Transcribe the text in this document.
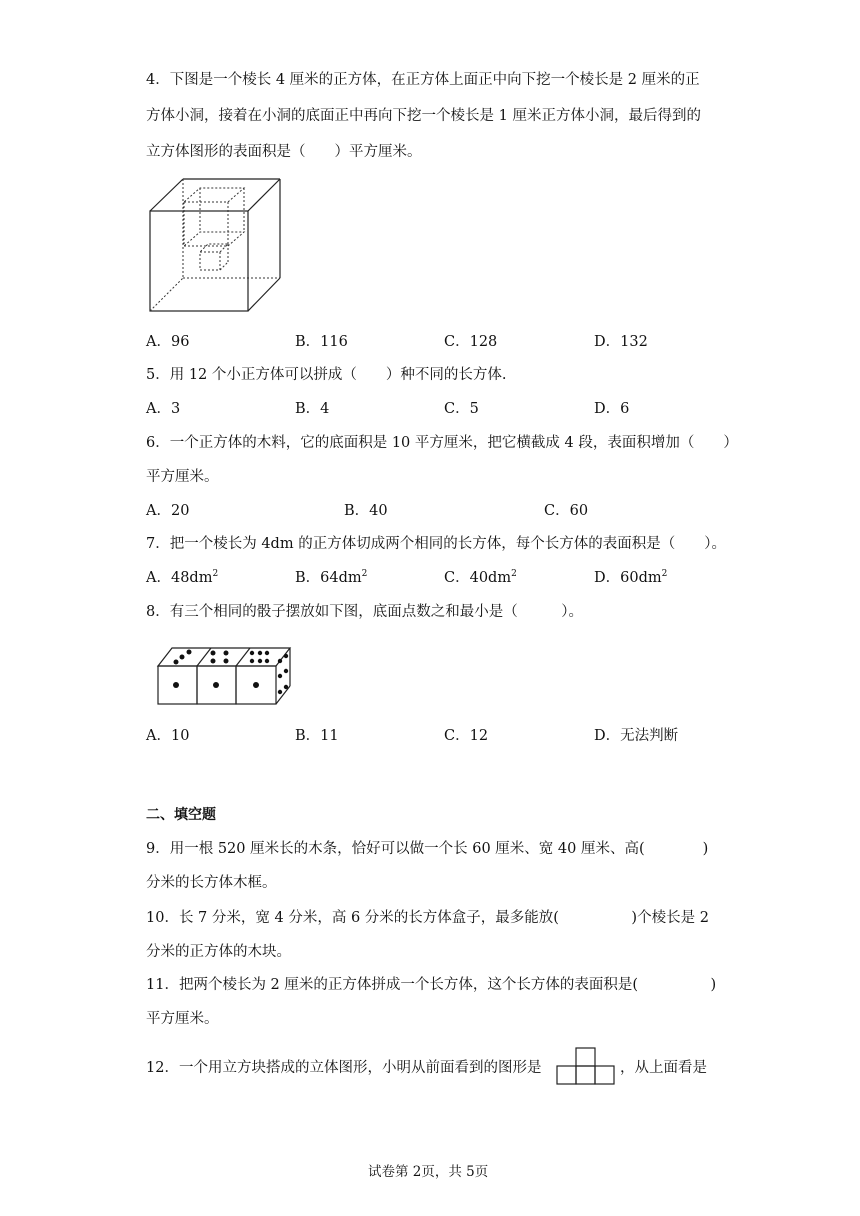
4．下图是一个棱长 4 厘米的正方体，在正方体上面正中向下挖一个棱长是 2 厘米的正
方体小洞，接着在小洞的底面正中再向下挖一个棱长是 1 厘米正方体小洞，最后得到的
立方体图形的表面积是（　　）平方厘米。
A．96	B．116	C．128	D．132
5．用 12 个小正方体可以拼成（　　）种不同的长方体.
A．3	B．4	C．5	D．6
6．一个正方体的木料，它的底面积是 10 平方厘米，把它横截成 4 段，表面积增加（　　）
平方厘米。
A．20	B．40	C．60
7．把一个棱长为 4dm 的正方体切成两个相同的长方体，每个长方体的表面积是（　　）。
A．$48dm^2$	B．$64dm^2$	C．$40dm^2$	D．$60dm^2$
8．有三个相同的骰子摆放如下图，底面点数之和最小是（　　　）。
A．10	B．11	C．12	D．无法判断
二、填空题
9．用一根 520 厘米长的木条，恰好可以做一个长 60 厘米、宽 40 厘米、高(　　　　)
分米的长方体木框。
10．长 7 分米，宽 4 分米，高 6 分米的长方体盒子，最多能放(　　　　　)个棱长是 2
分米的正方体的木块。
11．把两个棱长为 2 厘米的正方体拼成一个长方体，这个长方体的表面积是(　　　　　)
平方厘米。
12．一个用立方块搭成的立体图形，小明从前面看到的图形是	，从上面看是
试卷第 2页，共 5页
